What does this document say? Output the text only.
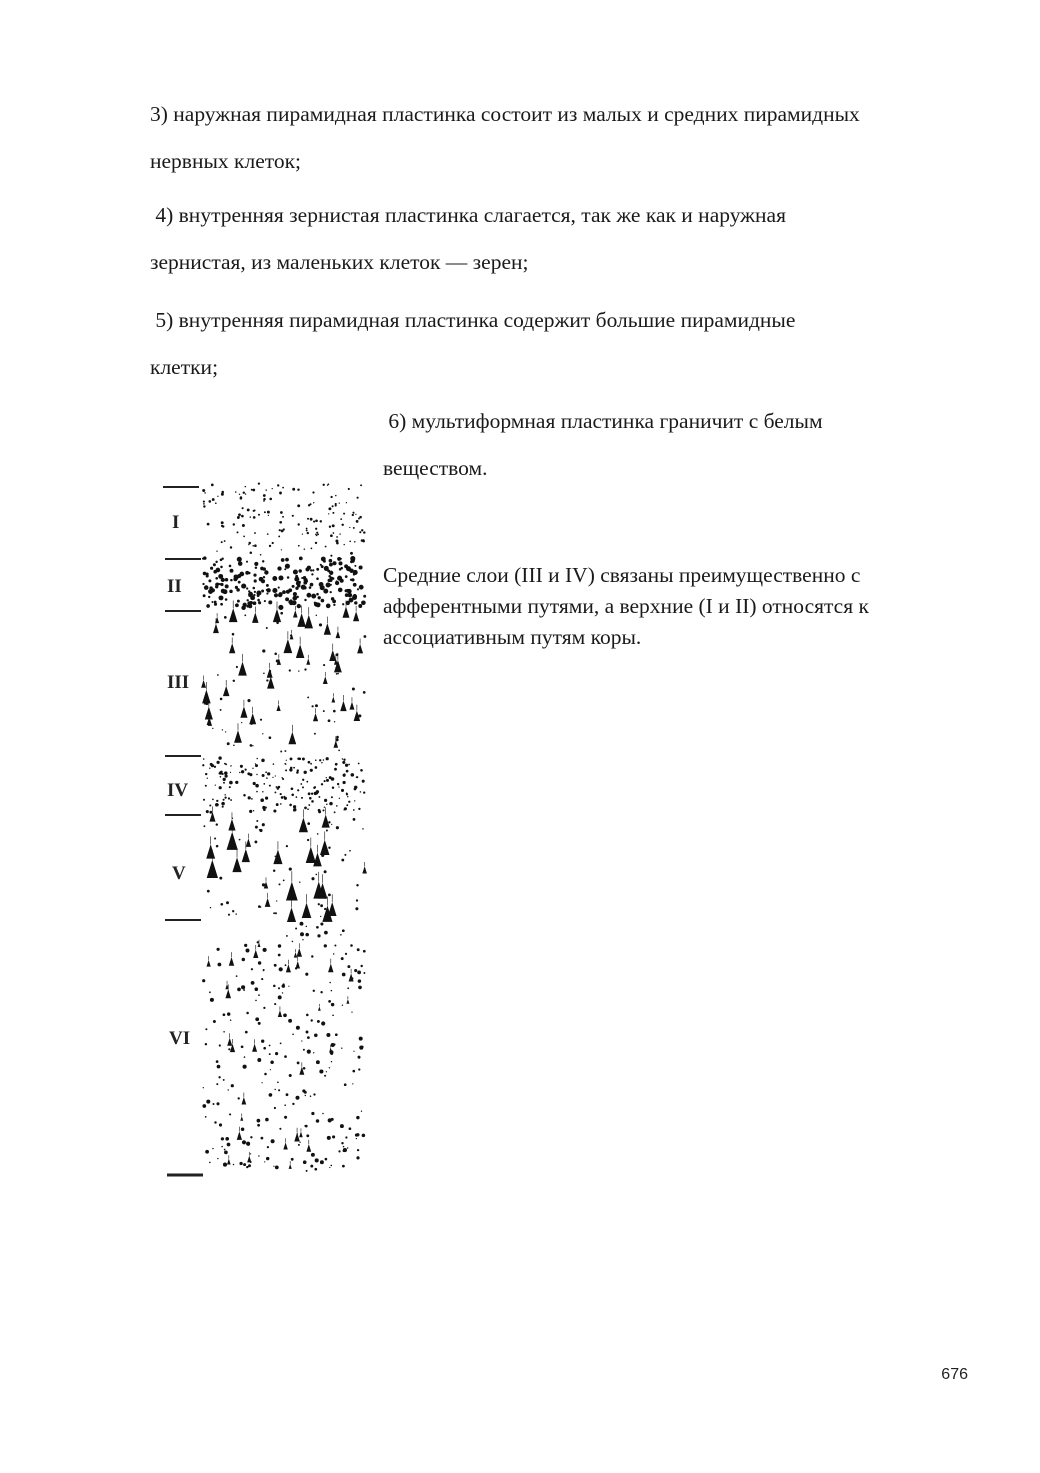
3) наружная пирамидная пластинка состоит из малых и средних пирамидных
нервных клеток;
4) внутренняя зернистая пластинка слагается, так же как и наружная
зернистая, из маленьких клеток — зерен;
5) внутренняя пирамидная пластинка содержит большие пирамидные
клетки;
6) мультиформная пластинка граничит с белым
веществом.
Средние слои (III и IV) связаны преимущественно с
афферентными путями, а верхние (I и II) относятся к
ассоциативным путям коры.
I
II
III
IV
V
VI
676
